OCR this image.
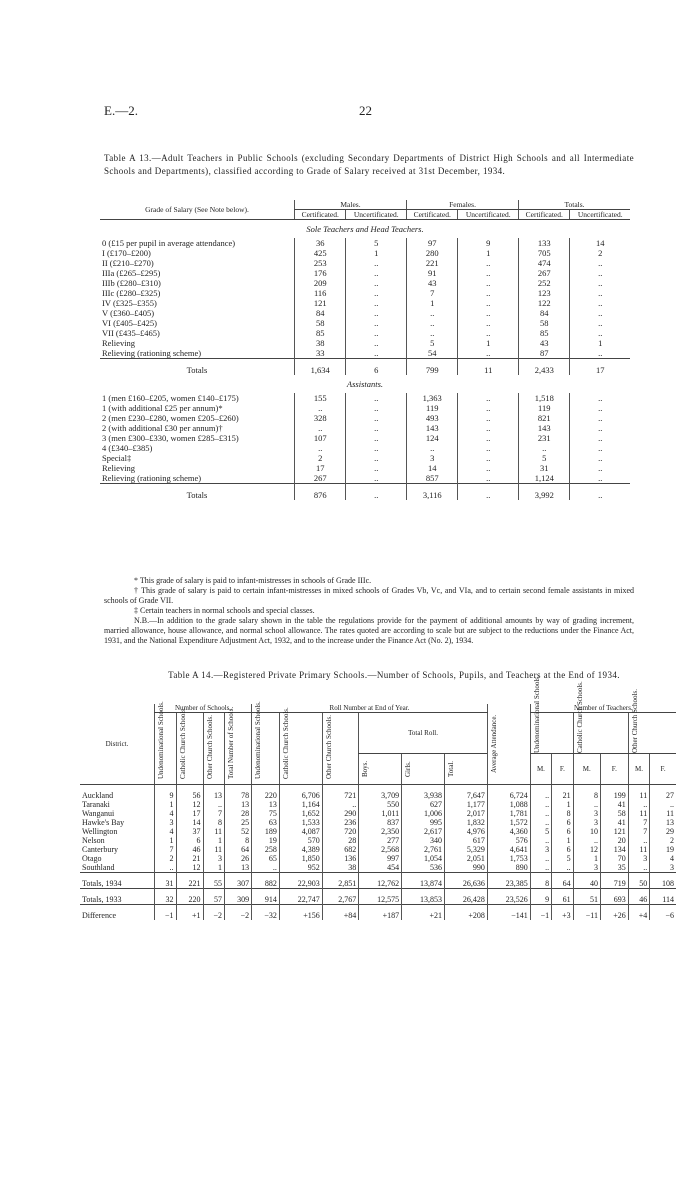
E.—2.	22
Table A 13.—Adult Teachers in Public Schools (excluding Secondary Departments of District High Schools and all Intermediate Schools and Departments), classified according to Grade of Salary received at 31st December, 1934.
Grade of Salary (See Note below).	Males.		Females.		Totals.	
	Certificated.	Uncertificated.	Certificated.	Uncertificated.	Certificated.	Uncertificated.
Sole Teachers and Head Teachers.						
0 (£15 per pupil in average attendance)	36	5	97	9	133	14
I (£170–£200)	425	1	280	1	705	2
II (£210–£270)	253	..	221	..	474	..
IIIa (£265–£295)	176	..	91	..	267	..
IIIb (£280–£310)	209	..	43	..	252	..
IIIc (£280–£325)	116	..	7	..	123	..
IV (£325–£355)	121	..	1	..	122	..
V (£360–£405)	84	..	..	..	84	..
VI (£405–£425)	58	..	..	..	58	..
VII (£435–£465)	85	..	..	..	85	..
Relieving	38	..	5	1	43	1
Relieving (rationing scheme)	33	..	54	..	87	..
Totals	1,634	6	799	11	2,433	17
Assistants.						
1 (men £160–£205, women £140–£175)	155	..	1,363	..	1,518	..
1 (with additional £25 per annum)*	..	..	119	..	119	..
2 (men £230–£280, women £205–£260)	328	..	493	..	821	..
2 (with additional £30 per annum)†	..	..	143	..	143	..
3 (men £300–£330, women £285–£315)	107	..	124	..	231	..
4 (£340–£385)	..	..	..	..	..	..
Special‡	2	..	3	..	5	..
Relieving	17	..	14	..	31	..
Relieving (rationing scheme)	267	..	857	..	1,124	..
Totals	876	..	3,116	..	3,992	..

* This grade of salary is paid to infant-mistresses in schools of Grade IIIc.

† This grade of salary is paid to certain infant-mistresses in mixed schools of Grades Vb, Vc, and VIa, and to certain second female assistants in mixed schools of Grade VII.

‡ Certain teachers in normal schools and special classes.

N.B.—In addition to the grade salary shown in the table the regulations provide for the payment of additional amounts by way of grading increment, married allowance, house allowance, and normal school allowance. The rates quoted are according to scale but are subject to the reductions under the Finance Act, 1931, and the National Expenditure Adjustment Act, 1932, and to the increase under the Finance Act (No. 2), 1934.

Table A 14.—Registered Private Primary Schools.—Number of Schools, Pupils, and Teachers at the End of 1934.
District.	Number of Schools.				Roll Number at End of Year.						Average Attendance.	Number of Teachers.					

	Undenominational Schools.	Catholic Church Schools.	Other Church Schools.	Total Number of Schools.	Undenominational Schools.	Catholic Church Schools.	Other Church Schools.	Total Roll.				Undenominational Schools.		Catholic Church Schools.		Other Church Schools.	

								Boys.	Girls.	Total.		M.	F.	M.	F.	M.	F.
Auckland	9	56	13	78	220	6,706	721	3,709	3,938	7,647	6,724	..	21	8	199	11	27
Taranaki	1	12	..	13	13	1,164	..	550	627	1,177	1,088	..	1	..	41	..	..
Wanganui	4	17	7	28	75	1,652	290	1,011	1,006	2,017	1,781	..	8	3	58	11	11
Hawke's Bay	3	14	8	25	63	1,533	236	837	995	1,832	1,572	..	6	3	41	7	13
Wellington	4	37	11	52	189	4,087	720	2,350	2,617	4,976	4,360	5	6	10	121	7	29
Nelson	1	6	1	8	19	570	28	277	340	617	576	..	1	..	20	..	2
Canterbury	7	46	11	64	258	4,389	682	2,568	2,761	5,329	4,641	3	6	12	134	11	19
Otago	2	21	3	26	65	1,850	136	997	1,054	2,051	1,753	..	5	1	70	3	4
Southland	..	12	1	13	..	952	38	454	536	990	890	..	..	3	35	..	3
Totals, 1934	31	221	55	307	882	22,903	2,851	12,762	13,874	26,636	23,385	8	64	40	719	50	108
Totals, 1933	32	220	57	309	914	22,747	2,767	12,575	13,853	26,428	23,526	9	61	51	693	46	114
Difference	−1	+1	−2	−2	−32	+156	+84	+187	+21	+208	−141	−1	+3	−11	+26	+4	−6
